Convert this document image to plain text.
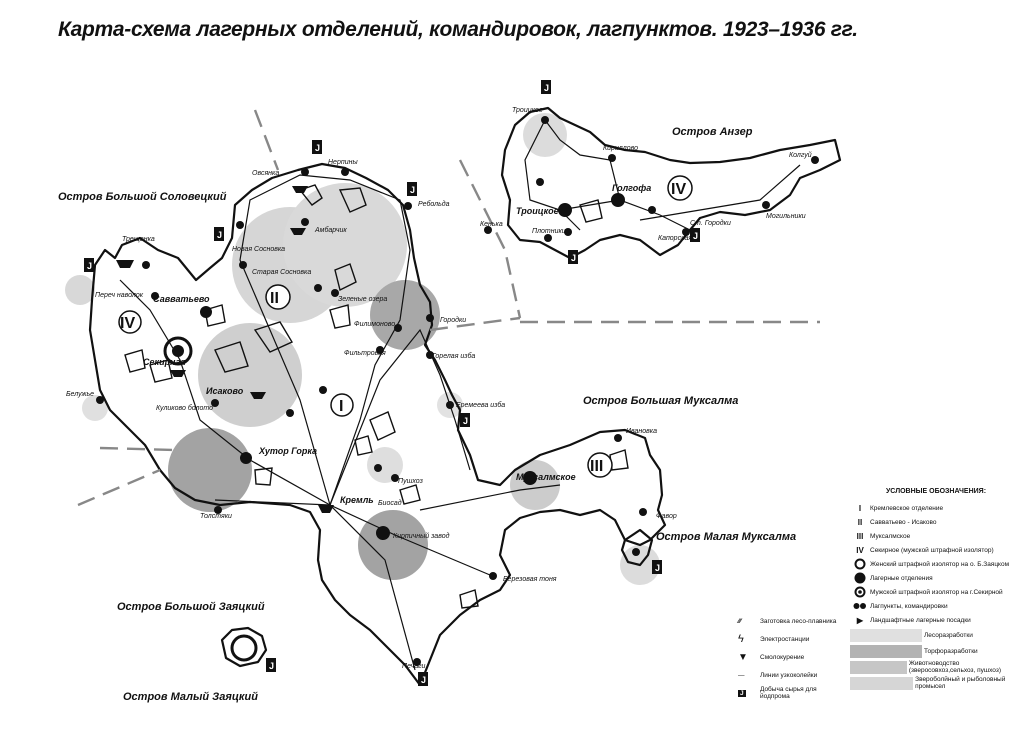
Карта-схема лагерных отделений, командировок, лагпунктов. 1923–1936 гг.
J
J
J
J
J
J
J
J
J
J
J
II
IV
I
III
IV
Остров Большой Соловецкий
Остров Анзер
Остров Большая Муксалма
Остров Малая Муксалма
Остров Большой Заяцкий
Остров Малый Заяцкий
Овсянка
Нерпины
Ребольда
Новая Сосновка
Амбарчик
Старая Сосновка
Зеленые озера
Трещанка
Переч наволок Савватьево
Секирная
Исаково
Филимоново
Городки
Фильтровая	Горелая изба
Белужье
Куликово болото	Еремеева изба
Хутор Горка
Пушхоз
Кремль Биосад
Кирпичный завод
Толстяки
Березовая тоня
Печаги
Троицкое
Кириллово
Голгофа
Колгуй
Троицкое
Плотники
Кенька	Ст. Городки
Могильники
Капорская
Ивановка
Муксалмское
Фавор
⁄⁄⁄	Заготовка лесо-плавника
ϟ	Электростанции
▼	Смолокурение
—	Линии узкоколейки
J	Добыча сырья для йодпрома
УСЛОВНЫЕ ОБОЗНАЧЕНИЯ:
I	Кремлевское отделение
II	Савватьево - Исаково
III	Муксалмское
IV Секирное (мужской штрафной изолятор)
Женский штрафной изолятор на о. Б.Заяцком
Лагерные отделения
Мужской штрафной изолятор на г.Секирной
Лагпункты, командировки
▶	Ландшафтные лагерные посадки
Лесоразработки
Торфоразработки
Животноводство (звероcовхоз,сельхоз, пушхоз)
Звероболйный и рыболовный промысел
